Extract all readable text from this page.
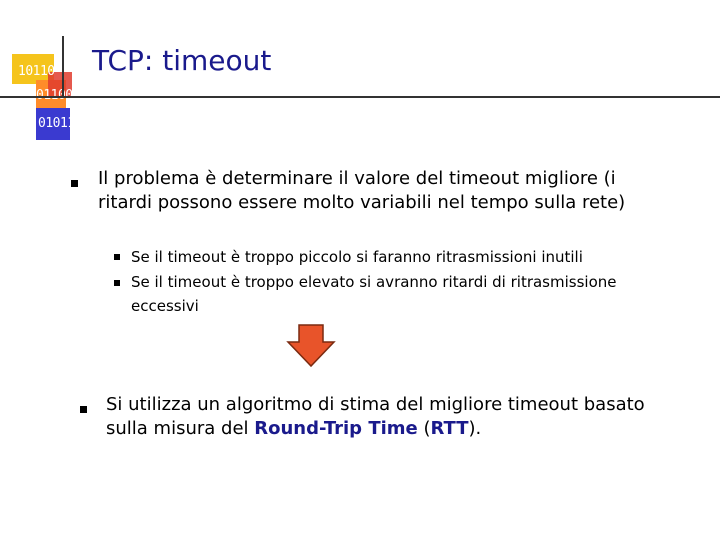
10110
01011
TCP: timeout
Il problema è determinare il valore del timeout migliore (i ritardi possono essere molto variabili nel tempo sulla rete)
Se il timeout è troppo piccolo si faranno ritrasmissioni inutili
Se il timeout è troppo elevato si avranno ritardi di ritrasmissione eccessivi
Si utilizza un algoritmo di stima del migliore timeout basato sulla misura del Round-Trip Time (RTT).
